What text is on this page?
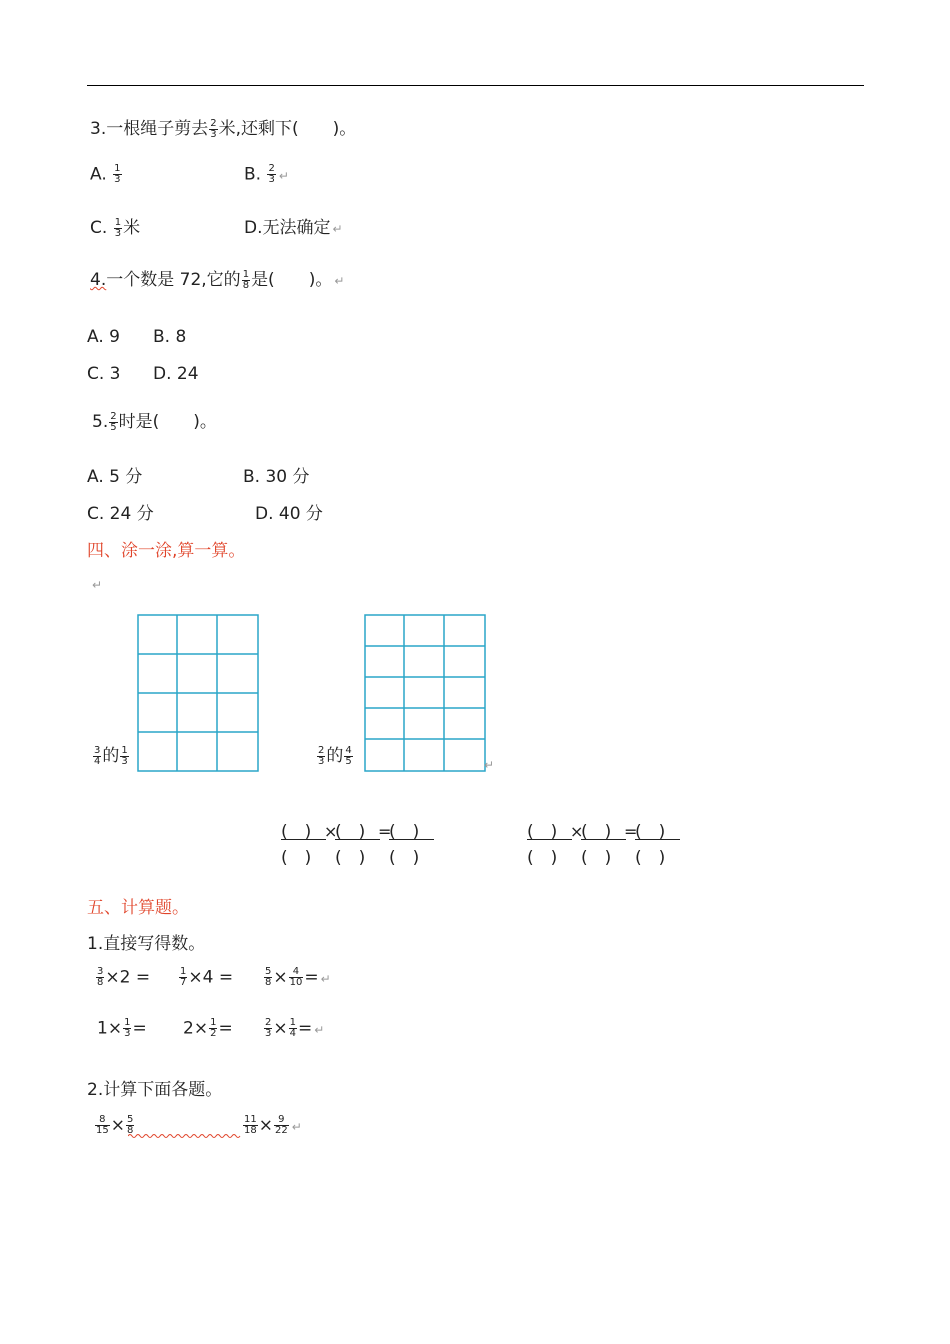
3.一根绳子剪去 $\frac{2}{3}$ 米,还剩下(　　)。
A. $\frac{1}{3}$	B. $\frac{2}{3}$ ↵
C. $\frac{1}{3}$ 米	D.无法确定 ↵
4.一个数是 72,它的 $\frac{1}{8}$ 是(　　)。 ↵
A. 9 B. 8
C. 3 D. 24
5. $\frac{2}{5}$ 时是(　　)。
A. 5 分	B. 30 分
C. 24 分	D. 40 分
四、涂一涂,算一算。
↵
$\frac{3}{4}$ 的 $\frac{1}{3}$	$\frac{2}{3}$ 的 $\frac{4}{5}$	↵
(　)
(　)
×
(　)
(　)
=
(　)
(　)
(　)
(　)
×
(　)
(　)
=
(　)
(　)
五、计算题。
1.直接写得数。
$\frac{3}{8} \times 2$ =	$\frac{1}{7} \times 4$ =	$\frac{5}{8} \times \frac{4}{10}$ = ↵
$1\times \frac{1}{3} = 2\times \frac{1}{2}$ =	$\frac{2}{3} \times \frac{1}{4}$ = ↵
2.计算下面各题。
$\frac{8}{15} \times \frac{5}{8}$	$\frac{11}{18} \times \frac{9}{22}$ ↵
